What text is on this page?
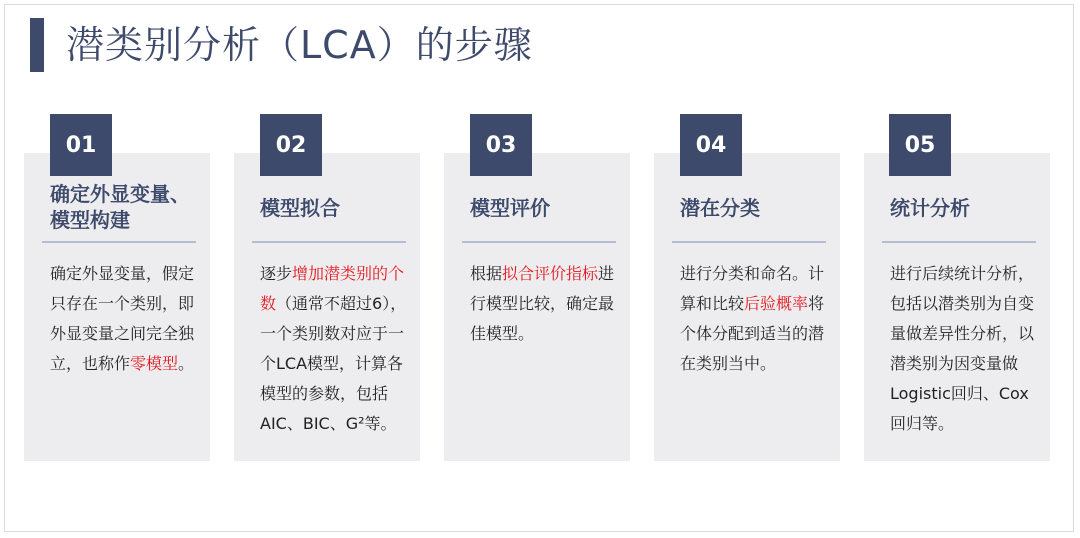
潜类别分析（LCA）的步骤
确定外显变量、模型构建
确定外显变量，假定只存在一个类别，即外显变量之间完全独立，也称作零模型。
01
模型拟合
逐步增加潜类别的个数（通常不超过6），一个类别数对应于一个LCA模型，计算各模型的参数，包括AIC、BIC、G²等。
02
模型评价
根据拟合评价指标进行模型比较，确定最佳模型。
03
潜在分类
进行分类和命名。计算和比较后验概率将个体分配到适当的潜在类别当中。
04
统计分析
进行后续统计分析，包括以潜类别为自变量做差异性分析，以潜类别为因变量做Logistic回归、Cox回归等。
05
